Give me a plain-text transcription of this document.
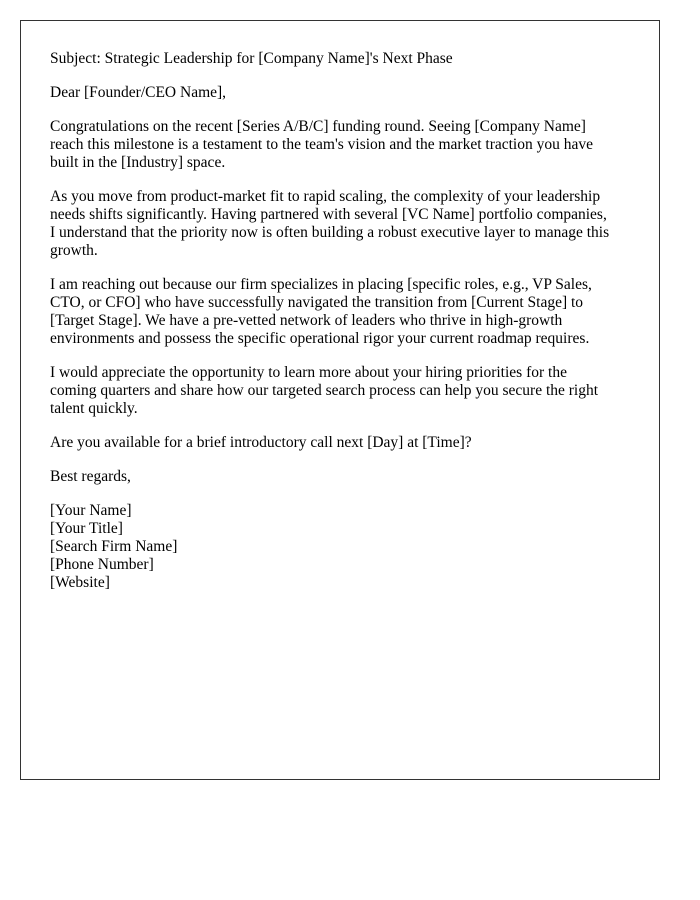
Subject: Strategic Leadership for [Company Name]'s Next Phase

Dear [Founder/CEO Name],

Congratulations on the recent [Series A/B/C] funding round. Seeing [Company Name]
reach this milestone is a testament to the team's vision and the market traction you have
built in the [Industry] space.

As you move from product-market fit to rapid scaling, the complexity of your leadership
needs shifts significantly. Having partnered with several [VC Name] portfolio companies,
I understand that the priority now is often building a robust executive layer to manage this
growth.

I am reaching out because our firm specializes in placing [specific roles, e.g., VP Sales,
CTO, or CFO] who have successfully navigated the transition from [Current Stage] to
[Target Stage]. We have a pre-vetted network of leaders who thrive in high-growth
environments and possess the specific operational rigor your current roadmap requires.

I would appreciate the opportunity to learn more about your hiring priorities for the
coming quarters and share how our targeted search process can help you secure the right
talent quickly.

Are you available for a brief introductory call next [Day] at [Time]?

Best regards,

[Your Name]
[Your Title]
[Search Firm Name]
[Phone Number]
[Website]
